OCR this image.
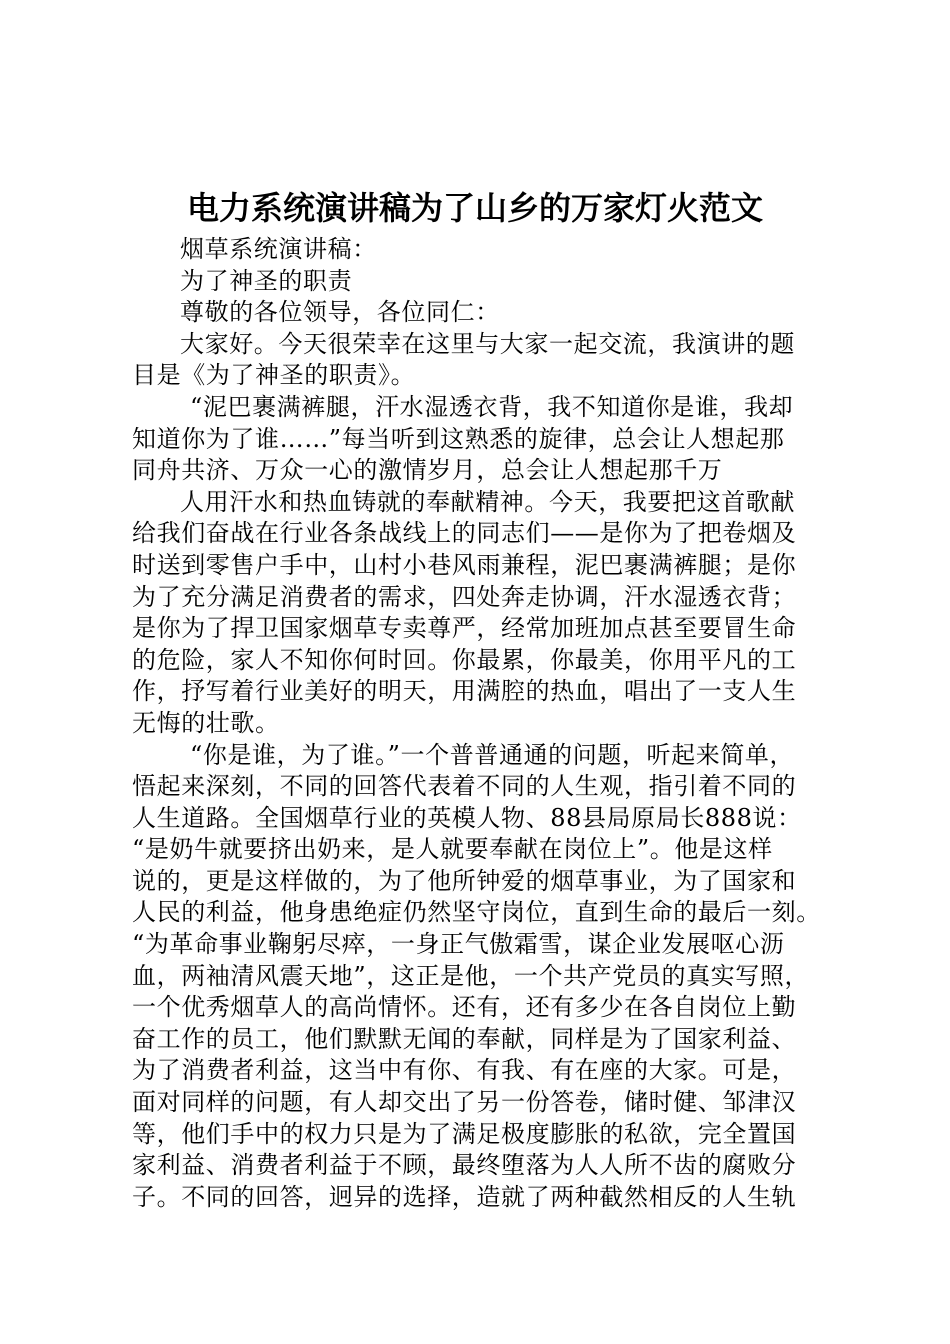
电力系统演讲稿为了山乡的万家灯火范文
烟草系统演讲稿：
为了神圣的职责
尊敬的各位领导，各位同仁：
大家好。今天很荣幸在这里与大家一起交流，我演讲的题
目是《为了神圣的职责》。
“泥巴裹满裤腿，汗水湿透衣背，我不知道你是谁，我却
知道你为了谁……”每当听到这熟悉的旋律，总会让人想起那
同舟共济、万众一心的激情岁月，总会让人想起那千万
人用汗水和热血铸就的奉献精神。今天，我要把这首歌献
给我们奋战在行业各条战线上的同志们——是你为了把卷烟及
时送到零售户手中，山村小巷风雨兼程，泥巴裹满裤腿；是你
为了充分满足消费者的需求，四处奔走协调，汗水湿透衣背；
是你为了捍卫国家烟草专卖尊严，经常加班加点甚至要冒生命
的危险，家人不知你何时回。你最累，你最美，你用平凡的工
作，抒写着行业美好的明天，用满腔的热血，唱出了一支人生
无悔的壮歌。
“你是谁，为了谁。”一个普普通通的问题，听起来简单，
悟起来深刻，不同的回答代表着不同的人生观，指引着不同的
人生道路。全国烟草行业的英模人物、88县局原局长888说：
“是奶牛就要挤出奶来，是人就要奉献在岗位上”。他是这样
说的，更是这样做的，为了他所钟爱的烟草事业，为了国家和
人民的利益，他身患绝症仍然坚守岗位，直到生命的最后一刻。
“为革命事业鞠躬尽瘁，一身正气傲霜雪，谋企业发展呕心沥
血，两袖清风震天地”，这正是他，一个共产党员的真实写照，
一个优秀烟草人的高尚情怀。还有，还有多少在各自岗位上勤
奋工作的员工，他们默默无闻的奉献，同样是为了国家利益、
为了消费者利益，这当中有你、有我、有在座的大家。可是，
面对同样的问题，有人却交出了另一份答卷，储时健、邹津汉
等，他们手中的权力只是为了满足极度膨胀的私欲，完全置国
家利益、消费者利益于不顾，最终堕落为人人所不齿的腐败分
子。不同的回答，迥异的选择，造就了两种截然相反的人生轨
